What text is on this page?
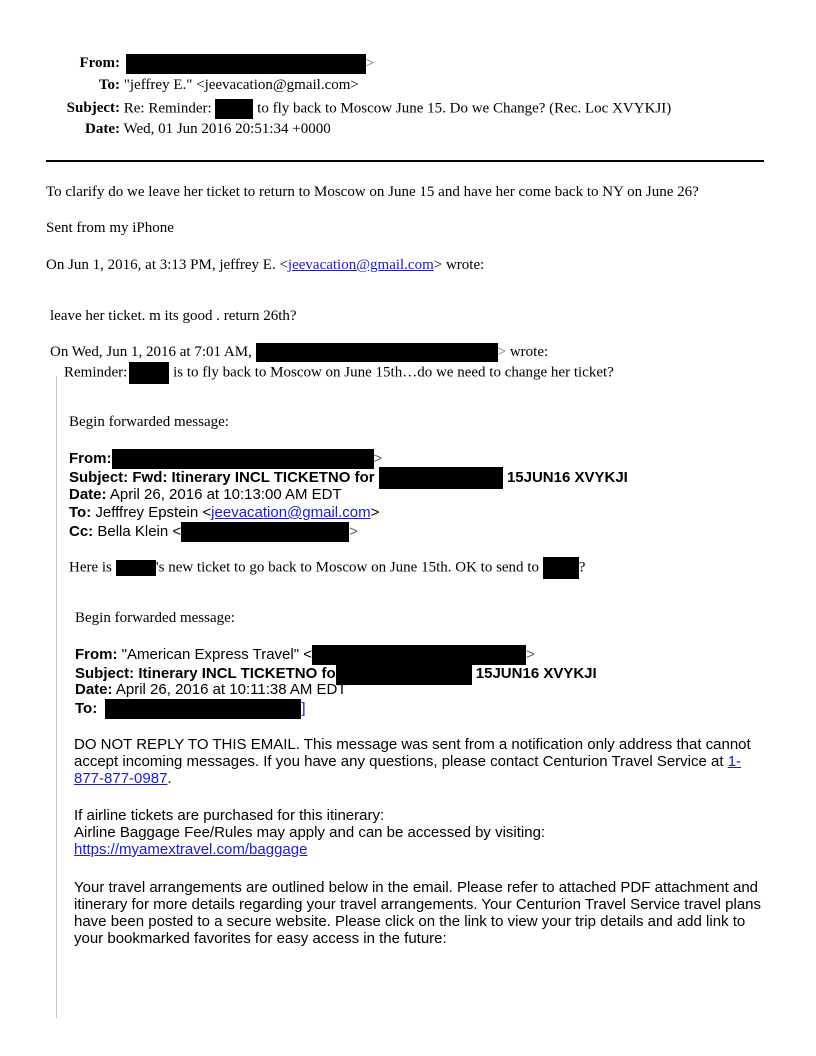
From:	>
To: "jeffrey E." <jeevacation@gmail.com>
Subject: Re: Reminder:	to fly back to Moscow June 15. Do we Change? (Rec. Loc XVYKJI)
Date: Wed, 01 Jun 2016 20:51:34 +0000
To clarify do we leave her ticket to return to Moscow on June 15 and have her come back to NY on June 26?
Sent from my iPhone
On Jun 1, 2016, at 3:13 PM, jeffrey E. <jeevacation@gmail.com> wrote:
leave her ticket. m its good . return 26th?
On Wed, Jun 1, 2016 at 7:01 AM,	> wrote:
Reminder:	is to fly back to Moscow on June 15th…do we need to change her ticket?
Begin forwarded message:
From:	>
Subject: Fwd: Itinerary INCL TICKETNO for	15JUN16 XVYKJI
Date: April 26, 2016 at 10:13:00 AM EDT
To: Jefffrey Epstein <jeevacation@gmail.com>
Cc: Bella Klein <	>
Here is	's new ticket to go back to Moscow on June 15th. OK to send to	?
Begin forwarded message:
From: "American Express Travel" <	>
Subject: Itinerary INCL TICKETNO fo	15JUN16 XVYKJI
Date: April 26, 2016 at 10:11:38 AM EDT
To:	]
DO NOT REPLY TO THIS EMAIL. This message was sent from a notification only address that cannot accept incoming messages. If you have any questions, please contact Centurion Travel Service at 1-877-877-0987.
If airline tickets are purchased for this itinerary:
Airline Baggage Fee/Rules may apply and can be accessed by visiting:
https://myamextravel.com/baggage
Your travel arrangements are outlined below in the email. Please refer to attached PDF attachment and itinerary for more details regarding your travel arrangements. Your Centurion Travel Service travel plans have been posted to a secure website. Please click on the link to view your trip details and add link to your bookmarked favorites for easy access in the future:
